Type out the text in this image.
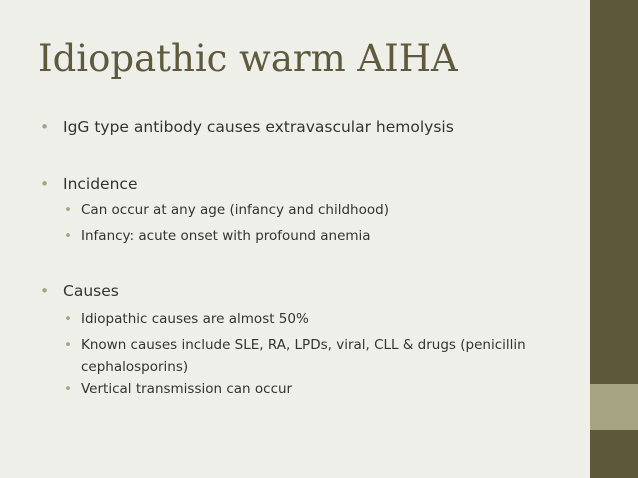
Idiopathic warm AIHA
• IgG type antibody causes extravascular hemolysis
• Incidence
• Can occur at any age (infancy and childhood)
• Infancy: acute onset with profound anemia
• Causes
• Idiopathic causes are almost 50%
• Known causes include SLE, RA, LPDs, viral, CLL & drugs (penicillin cephalosporins)
• Vertical transmission can occur
